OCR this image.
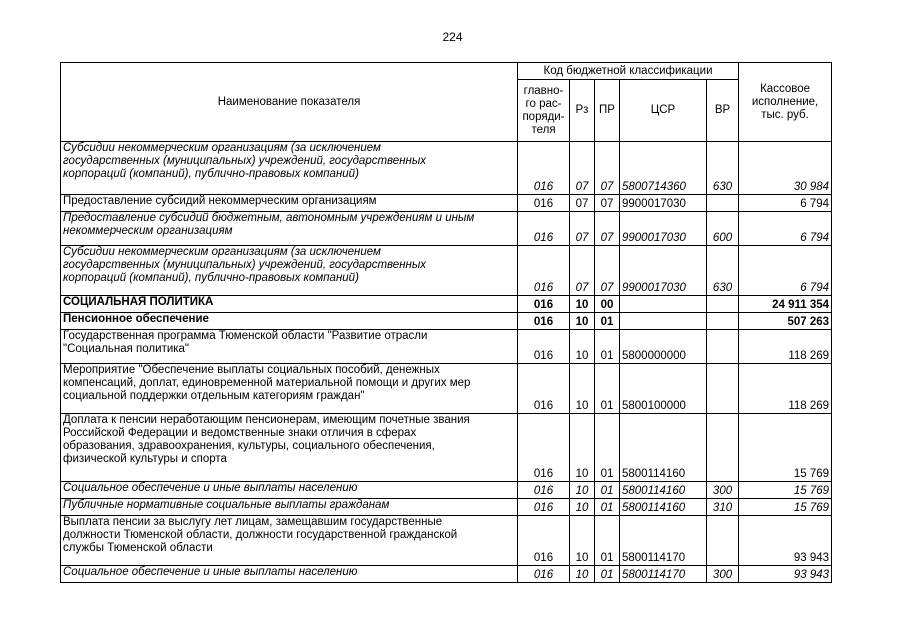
224
Наименование показателя	Код бюджетной классификации					Кассовое
исполнение,
тыс. руб.

	главно-
го рас-
поряди-
теля	Рз	ПР	ЦСР	ВР	

Субсидии некоммерческим организациям (за исключением
государственных (муниципальных) учреждений, государственных
корпораций (компаний), публично-правовых компаний)	016	07	07	5800714360	630	30 984

Предоставление субсидий некоммерческим организациям	016	07	07	9900017030		6 794

Предоставление субсидий бюджетным, автономным учреждениям и иным
некоммерческим организациям	016	07	07	9900017030	600	6 794

Субсидии некоммерческим организациям (за исключением
государственных (муниципальных) учреждений, государственных
корпораций (компаний), публично-правовых компаний)	016	07	07	9900017030	630	6 794

СОЦИАЛЬНАЯ ПОЛИТИКА	016	10	00			24 911 354

Пенсионное обеспечение	016	10	01			507 263

Государственная программа Тюменской области "Развитие отрасли
"Социальная политика"	016	10	01	5800000000		118 269

Мероприятие "Обеспечение выплаты социальных пособий, денежных
компенсаций, доплат, единовременной материальной помощи и других мер
социальной поддержки отдельным категориям граждан"	016	10	01	5800100000		118 269

Доплата к пенсии неработающим пенсионерам, имеющим почетные звания
Российской Федерации и ведомственные знаки отличия в сферах
образования, здравоохранения, культуры, социального обеспечения,
физической культуры и спорта	016	10	01	5800114160		15 769

Социальное обеспечение и иные выплаты населению	016	10	01	5800114160	300	15 769

Публичные нормативные социальные выплаты гражданам	016	10	01	5800114160	310	15 769

Выплата пенсии за выслугу лет лицам, замещавшим государственные
должности Тюменской области, должности государственной гражданской
службы Тюменской области	016	10	01	5800114170		93 943

Социальное обеспечение и иные выплаты населению	016	10	01	5800114170	300	93 943
